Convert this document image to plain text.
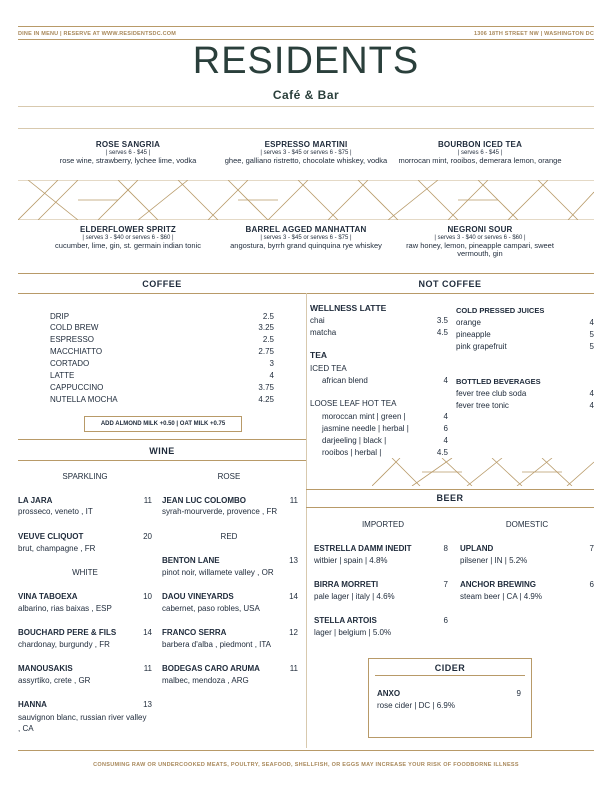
DINE IN MENU | RESERVE AT WWW.RESIDENTSDC.COM	1306 18TH STREET NW | WASHINGTON DC
RESIDENTS
Café & Bar
ROSE SANGRIA
| serves 6 - $45 |
rose wine, strawberry, lychee lime, vodka
ESPRESSO MARTINI
| serves 3 - $45 or serves 6 - $75 |
ghee, galliano ristretto, chocolate whiskey, vodka
BOURBON ICED TEA
| serves 6 - $45 |
morrocan mint, rooibos, demerara lemon, orange
ELDERFLOWER SPRITZ
| serves 3 - $40 or serves 6 - $60 |
cucumber, lime, gin, st. germain indian tonic
BARREL AGGED MANHATTAN
| serves 3 - $45 or serves 6 - $75 |
angostura, byrrh grand quinquina rye whiskey
NEGRONI SOUR
| serves 3 - $40 or serves 6 - $60 |
raw honey, lemon, pineapple campari, sweet vermouth, gin
COFFEE	NOT COFFEE
DRIP	2.5
COLD BREW	3.25
ESPRESSO	2.5
MACCHIATTO	2.75
CORTADO	3
LATTE	4
CAPPUCCINO	3.75
NUTELLA MOCHA	4.25
ADD ALMOND MILK +0.50 | OAT MILK +0.75
WELLNESS LATTE
chai	3.5
matcha	4.5
TEA
ICED TEA
african blend	4
LOOSE LEAF HOT TEA
moroccan mint | green |	4
jasmine needle | herbal |	6
darjeeling | black |	4
rooibos | herbal |	4.5
COLD PRESSED JUICES
orange	4
pineapple	5
pink grapefruit	5
BOTTLED BEVERAGES
fever tree club soda	4
fever tree tonic	4
WINE
SPARKLING	ROSE
LA JARA	11
prosseco, veneto , IT
VEUVE CLIQUOT	20
brut, champagne , FR
WHITE
VINA TABOEXA	10
albarino, rias baixas , ESP
BOUCHARD PERE & FILS	14
chardonay, burgundy , FR
MANOUSAKIS	11
assyrtiko, crete , GR
HANNA	13
sauvignon blanc, russian river valley , CA
JEAN LUC COLOMBO	11
syrah-mourverde, provence , FR
RED
BENTON LANE	13
pinot noir, willamete valley , OR
DAOU VINEYARDS	14
cabernet, paso robles, USA
FRANCO SERRA	12
barbera d'alba , piedmont , ITA
BODEGAS CARO ARUMA	11
malbec, mendoza , ARG
BEER
IMPORTED	DOMESTIC
ESTRELLA DAMM INEDIT	8
witbier | spain | 4.8%
BIRRA MORRETI	7
pale lager | italy | 4.6%
STELLA ARTOIS	6
lager | belgium | 5.0%
UPLAND	7
pilsener | IN | 5.2%
ANCHOR BREWING	6
steam beer | CA | 4.9%
CIDER
ANXO	9
rose cider | DC | 6.9%
CONSUMING RAW OR UNDERCOOKED MEATS, POULTRY, SEAFOOD, SHELLFISH, OR EGGS MAY INCREASE YOUR RISK OF FOODBORNE ILLNESS
